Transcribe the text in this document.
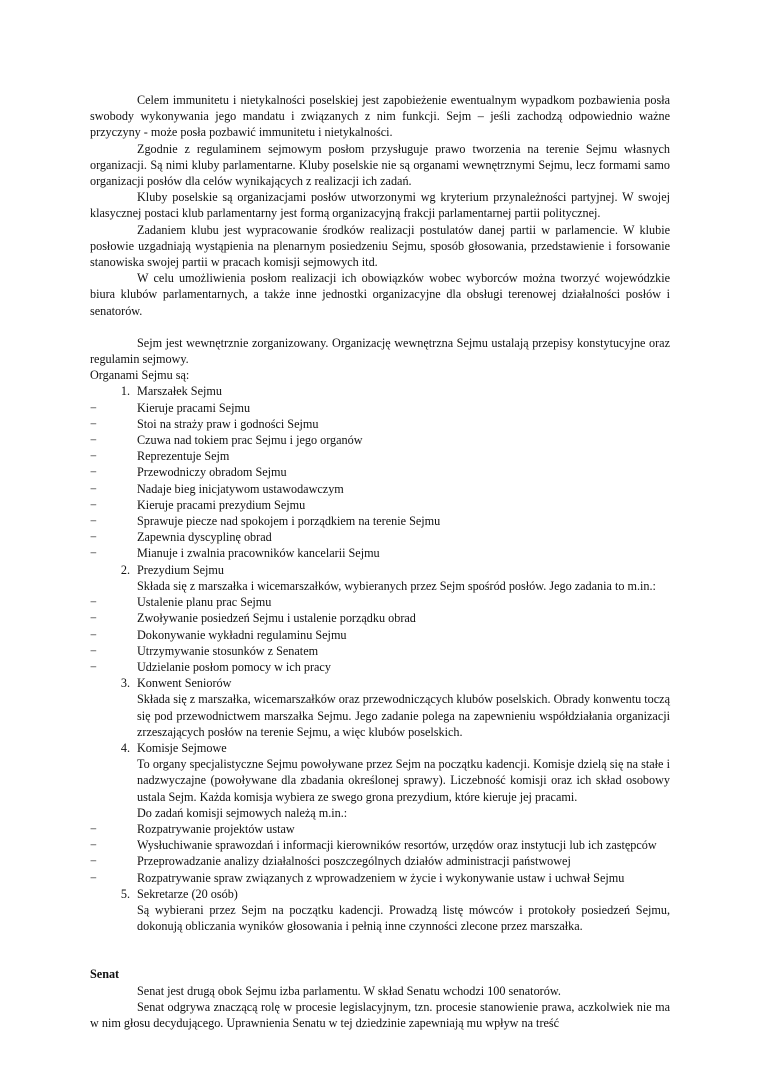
Celem immunitetu i nietykalności poselskiej jest zapobieżenie ewentualnym wypadkom pozbawienia posła swobody wykonywania jego mandatu i związanych z nim funkcji. Sejm – jeśli zachodzą odpowiednio ważne przyczyny - może posła pozbawić immunitetu i nietykalności.

Zgodnie z regulaminem sejmowym posłom przysługuje prawo tworzenia na terenie Sejmu własnych organizacji. Są nimi kluby parlamentarne. Kluby poselskie nie są organami wewnętrznymi Sejmu, lecz formami samo organizacji posłów dla celów wynikających z realizacji ich zadań.

Kluby poselskie są organizacjami posłów utworzonymi wg kryterium przynależności partyjnej. W swojej klasycznej postaci klub parlamentarny jest formą organizacyjną frakcji parlamentarnej partii politycznej.

Zadaniem klubu jest wypracowanie środków realizacji postulatów danej partii w parlamencie. W klubie posłowie uzgadniają wystąpienia na plenarnym posiedzeniu Sejmu, sposób głosowania, przedstawienie i forsowanie stanowiska swojej partii w pracach komisji sejmowych itd.

W celu umożliwienia posłom realizacji ich obowiązków wobec wyborców można tworzyć wojewódzkie biura klubów parlamentarnych, a także inne jednostki organizacyjne dla obsługi terenowej działalności posłów i senatorów.

Sejm jest wewnętrznie zorganizowany. Organizację wewnętrzna Sejmu ustalają przepisy konstytucyjne oraz regulamin sejmowy.

Organami Sejmu są:

1. Marszałek Sejmu
−	Kieruje pracami Sejmu
−	Stoi na straży praw i godności Sejmu
−	Czuwa nad tokiem prac Sejmu i jego organów
−	Reprezentuje Sejm
−	Przewodniczy obradom Sejmu
−	Nadaje bieg inicjatywom ustawodawczym
−	Kieruje pracami prezydium Sejmu
−	Sprawuje piecze nad spokojem i porządkiem na terenie Sejmu
−	Zapewnia dyscyplinę obrad
−	Mianuje i zwalnia pracowników kancelarii Sejmu
2. Prezydium Sejmu

Składa się z marszałka i wicemarszałków, wybieranych przez Sejm spośród posłów. Jego zadania to m.in.:

−	Ustalenie planu prac Sejmu
−	Zwoływanie posiedzeń Sejmu i ustalenie porządku obrad
−	Dokonywanie wykładni regulaminu Sejmu
−	Utrzymywanie stosunków z Senatem
−	Udzielanie posłom pomocy w ich pracy
3. Konwent Seniorów

Składa się z marszałka, wicemarszałków oraz przewodniczących klubów poselskich. Obrady konwentu toczą się pod przewodnictwem marszałka Sejmu. Jego zadanie polega na zapewnieniu współdziałania organizacji zrzeszających posłów na terenie Sejmu, a więc klubów poselskich.

4. Komisje Sejmowe

To organy specjalistyczne Sejmu powoływane przez Sejm na początku kadencji. Komisje dzielą się na stałe i nadzwyczajne (powoływane dla zbadania określonej sprawy). Liczebność komisji oraz ich skład osobowy ustala Sejm. Każda komisja wybiera ze swego grona prezydium, które kieruje jej pracami.

Do zadań komisji sejmowych należą m.in.:

−	Rozpatrywanie projektów ustaw
−	Wysłuchiwanie sprawozdań i informacji kierowników resortów, urzędów oraz instytucji lub ich zastępców
−	Przeprowadzanie analizy działalności poszczególnych działów administracji państwowej
−	Rozpatrywanie spraw związanych z wprowadzeniem w życie i wykonywanie ustaw i uchwał Sejmu
5. Sekretarze (20 osób)

Są wybierani przez Sejm na początku kadencji. Prowadzą listę mówców i protokoły posiedzeń Sejmu, dokonują obliczania wyników głosowania i pełnią inne czynności zlecone przez marszałka.

Senat

Senat jest drugą obok Sejmu izba parlamentu. W skład Senatu wchodzi 100 senatorów.

Senat odgrywa znaczącą rolę w procesie legislacyjnym, tzn. procesie stanowienie prawa, aczkolwiek nie ma w nim głosu decydującego. Uprawnienia Senatu w tej dziedzinie zapewniają mu wpływ na treść
